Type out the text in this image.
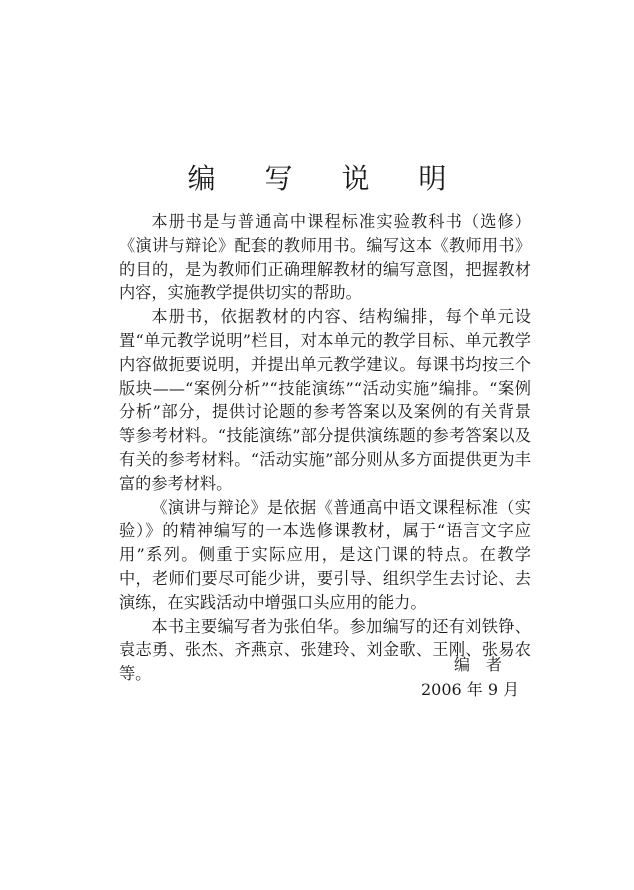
编 写 说 明

本册书是与普通高中课程标准实验教科书（选修）《演讲与辩论》配套的教师用书。编写这本《教师用书》的目的，是为教师们正确理解教材的编写意图，把握教材内容，实施教学提供切实的帮助。

本册书，依据教材的内容、结构编排，每个单元设置“单元教学说明”栏目，对本单元的教学目标、单元教学内容做扼要说明，并提出单元教学建议。每课书均按三个版块——“案例分析”“技能演练”“活动实施”编排。“案例分析”部分，提供讨论题的参考答案以及案例的有关背景等参考材料。“技能演练”部分提供演练题的参考答案以及有关的参考材料。“活动实施”部分则从多方面提供更为丰富的参考材料。

《演讲与辩论》是依据《普通高中语文课程标准（实验）》的精神编写的一本选修课教材，属于“语言文字应用”系列。侧重于实际应用，是这门课的特点。在教学中，老师们要尽可能少讲，要引导、组织学生去讨论、去演练，在实践活动中增强口头应用的能力。

本书主要编写者为张伯华。参加编写的还有刘铁铮、袁志勇、张杰、齐燕京、张建玲、刘金歌、王刚、张易农等。	编者
2006 年 9 月
